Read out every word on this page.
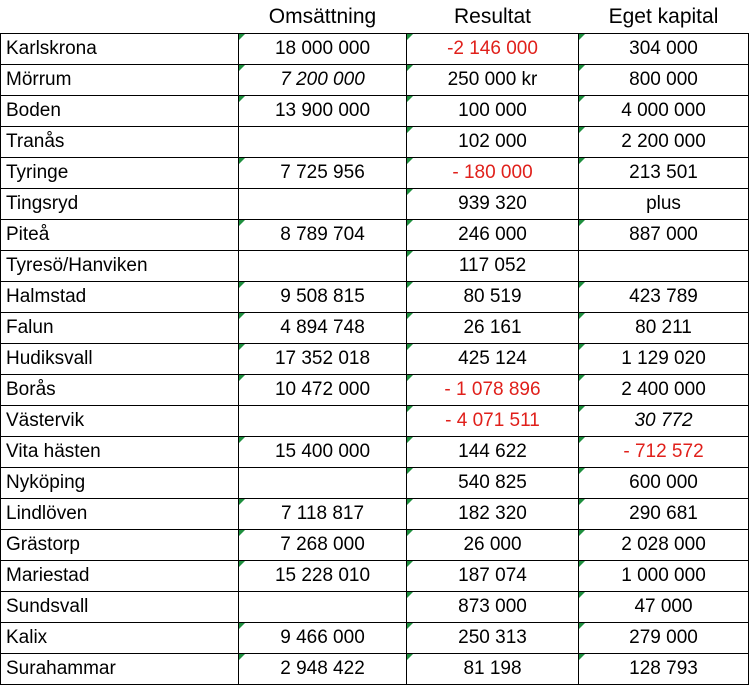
	Omsättning	Resultat	Eget kapital
Karlskrona	18 000 000	-2 146 000	304 000
Mörrum	7 200 000	250 000 kr	800 000
Boden	13 900 000	100 000	4 000 000
Tranås		102 000	2 200 000
Tyringe	7 725 956	- 180 000	213 501
Tingsryd		939 320	plus
Piteå	8 789 704	246 000	887 000
Tyresö/Hanviken		117 052	
Halmstad	9 508 815	80 519	423 789
Falun	4 894 748	26 161	80 211
Hudiksvall	17 352 018	425 124	1 129 020
Borås	10 472 000	- 1 078 896	2 400 000
Västervik		- 4 071 511	30 772
Vita hästen	15 400 000	144 622	- 712 572
Nyköping		540 825	600 000
Lindlöven	7 118 817	182 320	290 681
Grästorp	7 268 000	26 000	2 028 000
Mariestad	15 228 010	187 074	1 000 000
Sundsvall		873 000	47 000
Kalix	9 466 000	250 313	279 000
Surahammar	2 948 422	81 198	128 793
